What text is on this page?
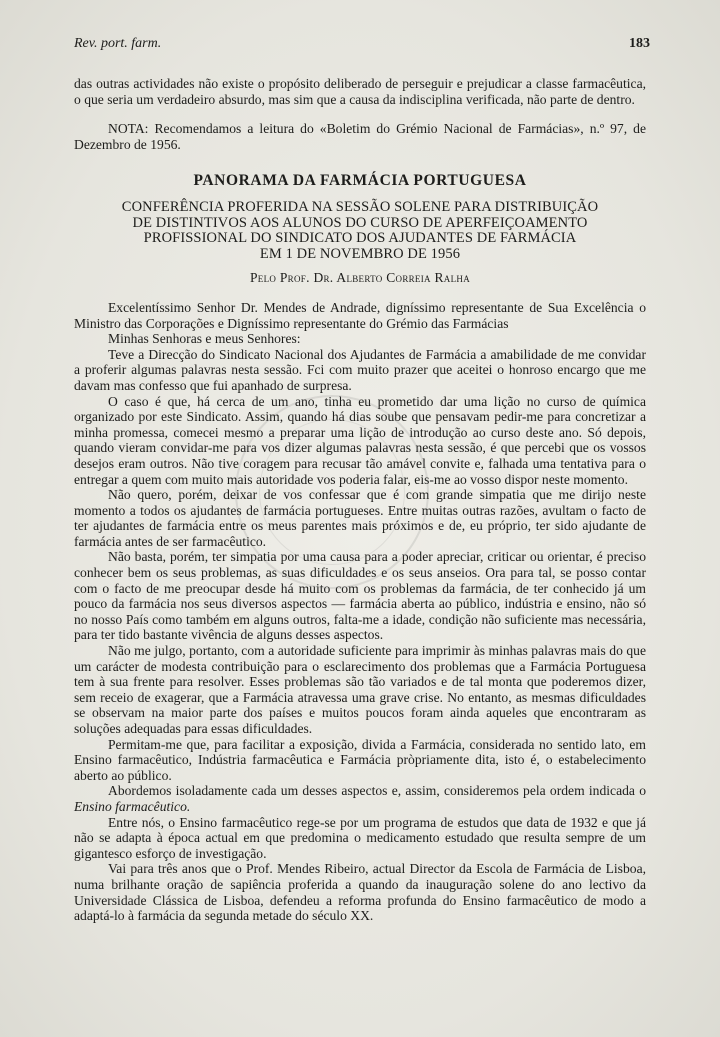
Rev. port. farm.	183

das outras actividades não existe o propósito deliberado de perseguir e prejudicar a classe farmacêutica, o que seria um verdadeiro absurdo, mas sim que a causa da indisciplina verificada, não parte de dentro.

NOTA: Recomendamos a leitura do «Boletim do Grémio Nacional de Farmácias», n.º 97, de Dezembro de 1956.

PANORAMA DA FARMÁCIA PORTUGUESA

CONFERÊNCIA PROFERIDA NA SESSÃO SOLENE PARA DISTRIBUIÇÃO

DE DISTINTIVOS AOS ALUNOS DO CURSO DE APERFEIÇOAMENTO

PROFISSIONAL DO SINDICATO DOS AJUDANTES DE FARMÁCIA

EM 1 DE NOVEMBRO DE 1956

Pelo Prof. Dr. Alberto Correia Ralha

Excelentíssimo Senhor Dr. Mendes de Andrade, digníssimo representante de Sua Excelência o Ministro das Corporações e Digníssimo representante do Grémio das Farmácias

Minhas Senhoras e meus Senhores:

Teve a Direcção do Sindicato Nacional dos Ajudantes de Farmácia a amabilidade de me convidar a proferir algumas palavras nesta sessão. Fci com muito prazer que aceitei o honroso encargo que me davam mas confesso que fui apanhado de surpresa.

O caso é que, há cerca de um ano, tinha eu prometido dar uma lição no curso de química organizado por este Sindicato. Assim, quando há dias soube que pensavam pedir-me para concretizar a minha promessa, comecei mesmo a preparar uma lição de introdução ao curso deste ano. Só depois, quando vieram convidar-me para vos dizer algumas palavras nesta sessão, é que percebi que os vossos desejos eram outros. Não tive coragem para recusar tão amável convite e, falhada uma tentativa para o entregar a quem com muito mais autoridade vos poderia falar, eis-me ao vosso dispor neste momento.

Não quero, porém, deixar de vos confessar que é com grande simpatia que me dirijo neste momento a todos os ajudantes de farmácia portugueses. Entre muitas outras razões, avultam o facto de ter ajudantes de farmácia entre os meus parentes mais próximos e de, eu próprio, ter sido ajudante de farmácia antes de ser farmacêutico.

Não basta, porém, ter simpatia por uma causa para a poder apreciar, criticar ou orientar, é preciso conhecer bem os seus problemas, as suas dificuldades e os seus anseios. Ora para tal, se posso contar com o facto de me preocupar desde há muito com os problemas da farmácia, de ter conhecido já um pouco da farmácia nos seus diversos aspectos — farmácia aberta ao público, indústria e ensino, não só no nosso País como também em alguns outros, falta-me a idade, condição não suficiente mas necessária, para ter tido bastante vivência de alguns desses aspectos.

Não me julgo, portanto, com a autoridade suficiente para imprimir às minhas palavras mais do que um carácter de modesta contribuição para o esclarecimento dos problemas que a Farmácia Portuguesa tem à sua frente para resolver. Esses problemas são tão variados e de tal monta que poderemos dizer, sem receio de exagerar, que a Farmácia atravessa uma grave crise. No entanto, as mesmas dificuldades se observam na maior parte dos países e muitos poucos foram ainda aqueles que encontraram as soluções adequadas para essas dificuldades.

Permitam-me que, para facilitar a exposição, divida a Farmácia, considerada no sentido lato, em Ensino farmacêutico, Indústria farmacêutica e Farmácia pròpriamente dita, isto é, o estabelecimento aberto ao público.

Abordemos isoladamente cada um desses aspectos e, assim, consideremos pela ordem indicada o Ensino farmacêutico.

Entre nós, o Ensino farmacêutico rege-se por um programa de estudos que data de 1932 e que já não se adapta à época actual em que predomina o medicamento estudado que resulta sempre de um gigantesco esforço de investigação.

Vai para três anos que o Prof. Mendes Ribeiro, actual Director da Escola de Farmácia de Lisboa, numa brilhante oração de sapiência proferida a quando da inauguração solene do ano lectivo da Universidade Clássica de Lisboa, defendeu a reforma profunda do Ensino farmacêutico de modo a adaptá-lo à farmácia da segunda metade do século XX.
